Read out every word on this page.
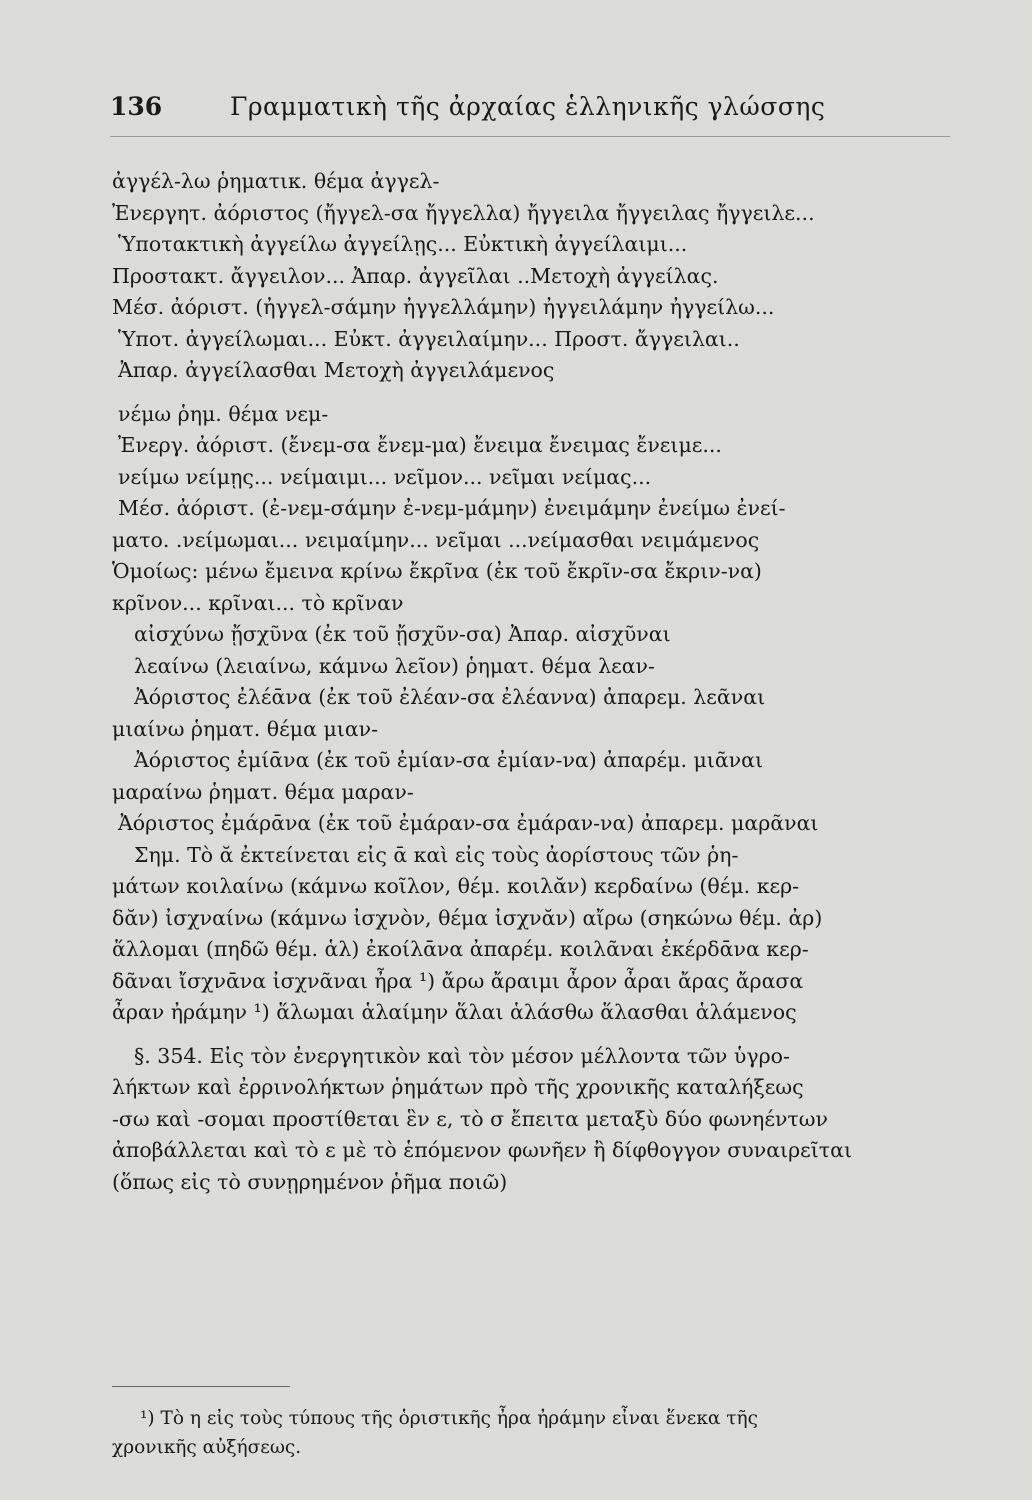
136	Γραμματικὴ τῆς ἀρχαίας ἑλληνικῆς γλώσσης
ἀγγέλ-λω ῥηματικ. θέμα ἀγγελ-
Ἐνεργητ. ἀόριστος (ἤγγελ-σα ἤγγελλα) ἤγγειλα ἤγγειλας ἤγγειλε...
Ὑποτακτικὴ ἀγγείλω ἀγγείλῃς... Εὐκτικὴ ἀγγείλαιμι...
Προστακτ. ἄγγειλον... Ἀπαρ. ἀγγεῖλαι ..Μετοχὴ ἀγγείλας.
Μέσ. ἀόριστ. (ἠγγελ-σάμην ἠγγελλάμην) ἠγγειλάμην ἠγγείλω...
Ὑποτ. ἀγγείλωμαι... Εὐκτ. ἀγγειλαίμην... Προστ. ἄγγειλαι..
Ἀπαρ. ἀγγείλασθαι Μετοχὴ ἀγγειλάμενος
νέμω ῥημ. θέμα νεμ-
Ἐνεργ. ἀόριστ. (ἔνεμ-σα ἔνεμ-μα) ἔνειμα ἔνειμας ἔνειμε...
νείμω νείμῃς... νείμαιμι... νεῖμον... νεῖμαι νείμας...
Μέσ. ἀόριστ. (ἐ-νεμ-σάμην ἐ-νεμ-μάμην) ἐνειμάμην ἐνείμω ἐνεί-
ματο. .νείμωμαι... νειμαίμην... νεῖμαι ...νείμασθαι νειμάμενος
Ὁμοίως: μένω ἔμεινα κρίνω ἔκρῖνα (ἐκ τοῦ ἔκρῖν-σα ἔκριν-να)
κρῖνον... κρῖναι... τὸ κρῖναν
αἰσχύνω ᾔσχῦνα (ἐκ τοῦ ᾔσχῦν-σα) Ἀπαρ. αἰσχῦναι
λεαίνω (λειαίνω, κάμνω λεῖον) ῥηματ. θέμα λεαν-
Ἀόριστος ἐλέᾱνα (ἐκ τοῦ ἐλέαν-σα ἐλέαννα) ἀπαρεμ. λεᾶναι
μιαίνω ῥηματ. θέμα μιαν-
Ἀόριστος ἐμίᾱνα (ἐκ τοῦ ἐμίαν-σα ἐμίαν-να) ἀπαρέμ. μιᾶναι
μαραίνω ῥηματ. θέμα μαραν-
Ἀόριστος ἐμάρᾱνα (ἐκ τοῦ ἐμάραν-σα ἐμάραν-να) ἀπαρεμ. μαρᾶναι
Σημ. Τὸ ᾰ ἐκτείνεται εἰς ᾱ καὶ εἰς τοὺς ἀορίστους τῶν ῥη-
μάτων κοιλαίνω (κάμνω κοῖλον, θέμ. κοιλᾰν) κερδαίνω (θέμ. κερ-
δᾰν) ἰσχναίνω (κάμνω ἰσχνὸν, θέμα ἰσχνᾰν) αἴρω (σηκώνω θέμ. ἀρ)
ἅλλομαι (πηδῶ θέμ. ἁλ) ἐκοίλᾱνα ἀπαρέμ. κοιλᾶναι ἐκέρδᾱνα κερ-
δᾶναι ἴσχνᾱνα ἰσχνᾶναι ἦρα ¹) ἄρω ἄραιμι ἆρον ἆραι ἄρας ἄρασα
ἆραν ἠράμην ¹) ἅλωμαι ἁλαίμην ἅλαι ἁλάσθω ἅλασθαι ἁλάμενος
§. 354. Εἰς τὸν ἐνεργητικὸν καὶ τὸν μέσον μέλλοντα τῶν ὑγρο-
λήκτων καὶ ἐρρινολήκτων ῥημάτων πρὸ τῆς χρονικῆς καταλήξεως
-σω καὶ -σομαι προστίθεται ἓν ε, τὸ σ ἔπειτα μεταξὺ δύο φωνηέντων
ἀποβάλλεται καὶ τὸ ε μὲ τὸ ἑπόμενον φωνῆεν ἢ δίφθογγον συναιρεῖται
(ὅπως εἰς τὸ συνῃρημένον ῥῆμα ποιῶ)
¹) Τὸ η εἰς τοὺς τύπους τῆς ὁριστικῆς ἦρα ἠράμην εἶναι ἕνεκα τῆς
χρονικῆς αὐξήσεως.
